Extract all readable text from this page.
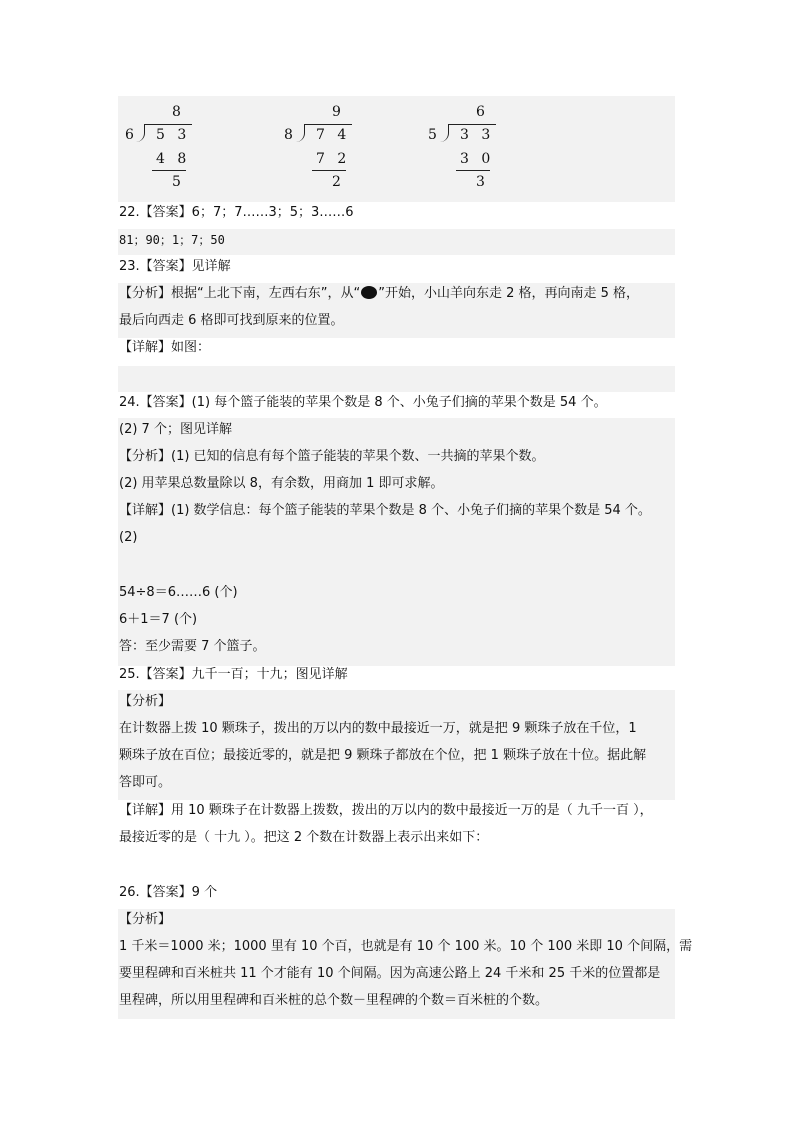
8
6 5 3
4 8
5
9
8 7 4
7 2
2
6
5 3 3
3 0
3
22.【答案】6；7；7……3；5；3……6
81；90；1；7；50
23.【答案】见详解
【分析】根据“上北下南，左西右东”，从“ ”开始，小山羊向东走 2 格，再向南走 5 格，
最后向西走 6 格即可找到原来的位置。
【详解】如图：
24.【答案】(1) 每个篮子能装的苹果个数是 8 个、小兔子们摘的苹果个数是 54 个。
(2) 7 个；图见详解
【分析】(1) 已知的信息有每个篮子能装的苹果个数、一共摘的苹果个数。
(2) 用苹果总数量除以 8，有余数，用商加 1 即可求解。
【详解】(1) 数学信息：每个篮子能装的苹果个数是 8 个、小兔子们摘的苹果个数是 54 个。
(2)
54÷8＝6……6 (个)
6＋1＝7 (个)
答：至少需要 7 个篮子。
25.【答案】九千一百；十九；图见详解
【分析】
在计数器上拨 10 颗珠子，拨出的万以内的数中最接近一万，就是把 9 颗珠子放在千位，1
颗珠子放在百位；最接近零的，就是把 9 颗珠子都放在个位，把 1 颗珠子放在十位。据此解
答即可。
【详解】用 10 颗珠子在计数器上拨数，拨出的万以内的数中最接近一万的是（ 九千一百 ），
最接近零的是（ 十九 ）。把这 2 个数在计数器上表示出来如下：
26.【答案】9 个
【分析】
1 千米＝1000 米；1000 里有 10 个百，也就是有 10 个 100 米。10 个 100 米即 10 个间隔，需
要里程碑和百米桩共 11 个才能有 10 个间隔。因为高速公路上 24 千米和 25 千米的位置都是
里程碑，所以用里程碑和百米桩的总个数－里程碑的个数＝百米桩的个数。
